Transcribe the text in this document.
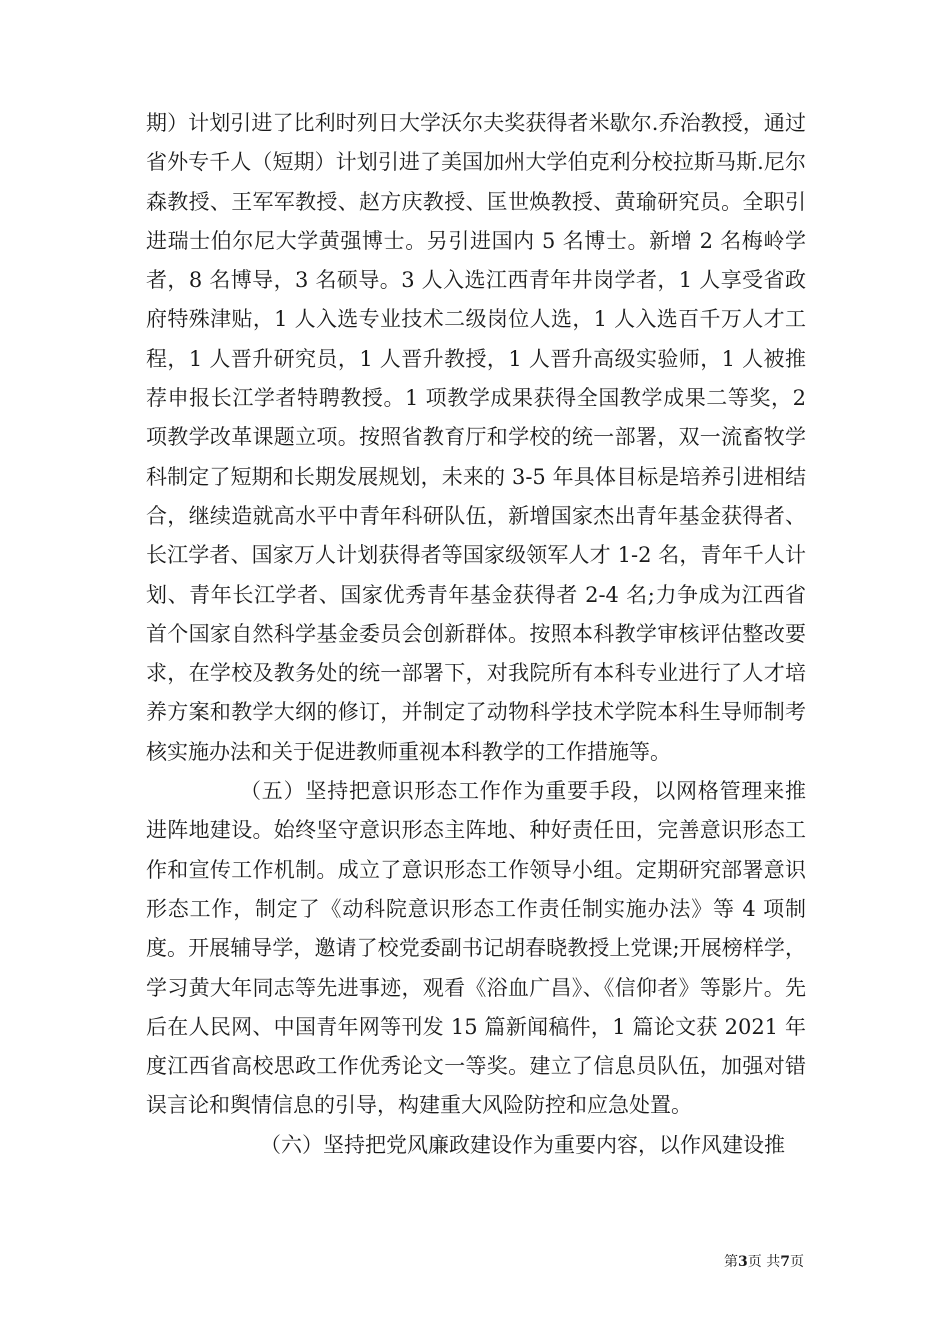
期）计划引进了比利时列日大学沃尔夫奖获得者米歇尔.乔治教授，通过省外专千人（短期）计划引进了美国加州大学伯克利分校拉斯马斯.尼尔森教授、王军军教授、赵方庆教授、匡世焕教授、黄瑜研究员。全职引进瑞士伯尔尼大学黄强博士。另引进国内 5 名博士。新增 2 名梅岭学者，8 名博导，3 名硕导。3 人入选江西青年井岗学者，1 人享受省政府特殊津贴，1 人入选专业技术二级岗位人选，1 人入选百千万人才工程，1 人晋升研究员，1 人晋升教授，1 人晋升高级实验师，1 人被推荐申报长江学者特聘教授。1 项教学成果获得全国教学成果二等奖，2 项教学改革课题立项。按照省教育厅和学校的统一部署，双一流畜牧学科制定了短期和长期发展规划，未来的 3-5 年具体目标是培养引进相结合，继续造就高水平中青年科研队伍，新增国家杰出青年基金获得者、长江学者、国家万人计划获得者等国家级领军人才 1-2 名，青年千人计划、青年长江学者、国家优秀青年基金获得者 2-4 名;力争成为江西省首个国家自然科学基金委员会创新群体。按照本科教学审核评估整改要求，在学校及教务处的统一部署下，对我院所有本科专业进行了人才培养方案和教学大纲的修订，并制定了动物科学技术学院本科生导师制考核实施办法和关于促进教师重视本科教学的工作措施等。

（五）坚持把意识形态工作作为重要手段，以网格管理来推进阵地建设。始终坚守意识形态主阵地、种好责任田，完善意识形态工作和宣传工作机制。成立了意识形态工作领导小组。定期研究部署意识形态工作，制定了《动科院意识形态工作责任制实施办法》等 4 项制度。开展辅导学，邀请了校党委副书记胡春晓教授上党课;开展榜样学，学习黄大年同志等先进事迹，观看《浴血广昌》、《信仰者》等影片。先后在人民网、中国青年网等刊发 15 篇新闻稿件，1 篇论文获 2021 年度江西省高校思政工作优秀论文一等奖。建立了信息员队伍，加强对错误言论和舆情信息的引导，构建重大风险防控和应急处置。

（六）坚持把党风廉政建设作为重要内容，以作风建设推

第3页 共7页
